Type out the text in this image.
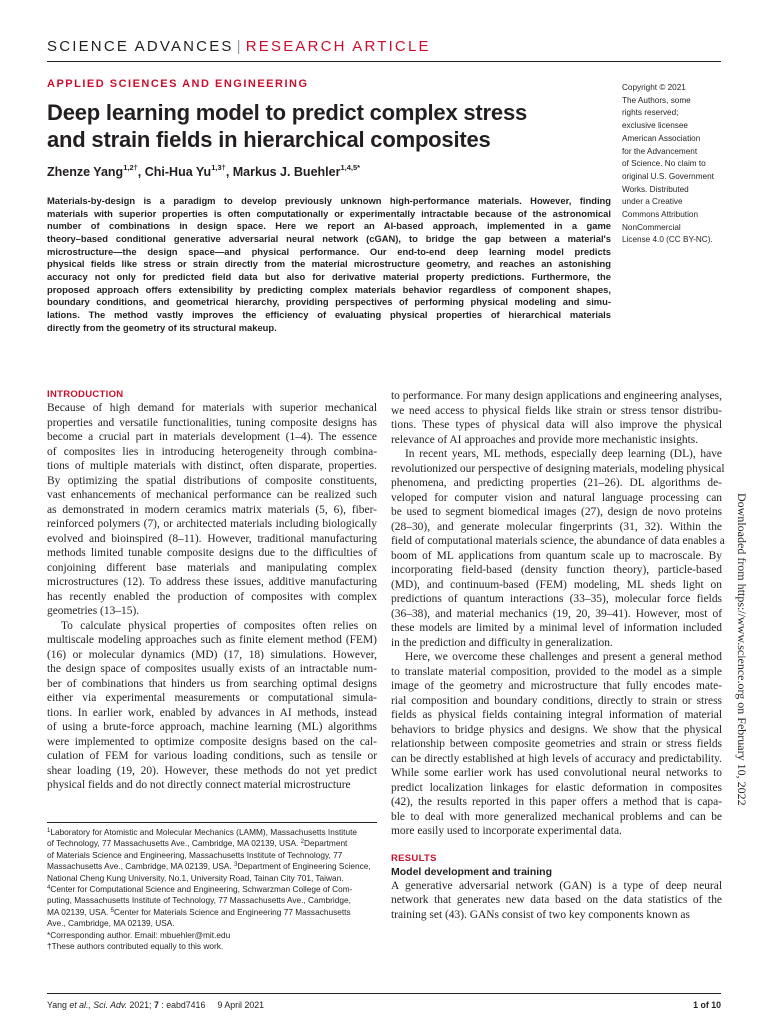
SCIENCE ADVANCES | RESEARCH ARTICLE
APPLIED SCIENCES AND ENGINEERING
Deep learning model to predict complex stress
and strain fields in hierarchical composites
Zhenze Yang$^{1,2\dagger}$, Chi-Hua $Yu^{1,3\dagger}$, Markus J. Buehler$^{1,4,5*}$
Copyright © 2021
The Authors, some
rights reserved;
exclusive licensee
American Association
for the Advancement
of Science. No claim to
original U.S. Government
Works. Distributed
under a Creative
Commons Attribution
NonCommercial
License 4.0 (CC BY-NC).
Materials-by-design is a paradigm to develop previously unknown high-performance materials. However, finding
materials with superior properties is often computationally or experimentally intractable because of the astronomical
number of combinations in design space. Here we report an AI-based approach, implemented in a game
theory–based conditional generative adversarial neural network (cGAN), to bridge the gap between a material's
microstructure—the design space—and physical performance. Our end-to-end deep learning model predicts
physical fields like stress or strain directly from the material microstructure geometry, and reaches an astonishing
accuracy not only for predicted field data but also for derivative material property predictions. Furthermore, the
proposed approach offers extensibility by predicting complex materials behavior regardless of component shapes,
boundary conditions, and geometrical hierarchy, providing perspectives of performing physical modeling and simu-
lations. The method vastly improves the efficiency of evaluating physical properties of hierarchical materials
directly from the geometry of its structural makeup.
INTRODUCTION
Because of high demand for materials with superior mechanical
properties and versatile functionalities, tuning composite designs has
become a crucial part in materials development (1–4). The essence
of composites lies in introducing heterogeneity through combina-
tions of multiple materials with distinct, often disparate, properties.
By optimizing the spatial distributions of composite constituents,
vast enhancements of mechanical performance can be realized such
as demonstrated in modern ceramics matrix materials (5, 6), fiber-
reinforced polymers (7), or architected materials including biologically
evolved and bioinspired (8–11). However, traditional manufacturing
methods limited tunable composite designs due to the difficulties of
conjoining different base materials and manipulating complex
microstructures (12). To address these issues, additive manufacturing
has recently enabled the production of composites with complex
geometries (13–15).
To calculate physical properties of composites often relies on
multiscale modeling approaches such as finite element method (FEM)
(16) or molecular dynamics (MD) (17, 18) simulations. However,
the design space of composites usually exists of an intractable num-
ber of combinations that hinders us from searching optimal designs
either via experimental measurements or computational simula-
tions. In earlier work, enabled by advances in AI methods, instead
of using a brute-force approach, machine learning (ML) algorithms
were implemented to optimize composite designs based on the cal-
culation of FEM for various loading conditions, such as tensile or
shear loading (19, 20). However, these methods do not yet predict
physical fields and do not directly connect material microstructure
to performance. For many design applications and engineering analyses,
we need access to physical fields like strain or stress tensor distribu-
tions. These types of physical data will also improve the physical
relevance of AI approaches and provide more mechanistic insights.
In recent years, ML methods, especially deep learning (DL), have
revolutionized our perspective of designing materials, modeling physical
phenomena, and predicting properties (21–26). DL algorithms de-
veloped for computer vision and natural language processing can
be used to segment biomedical images (27), design de novo proteins
(28–30), and generate molecular fingerprints (31, 32). Within the
field of computational materials science, the abundance of data enables a
boom of ML applications from quantum scale up to macroscale. By
incorporating field-based (density function theory), particle-based
(MD), and continuum-based (FEM) modeling, ML sheds light on
predictions of quantum interactions (33–35), molecular force fields
(36–38), and material mechanics (19, 20, 39–41). However, most of
these models are limited by a minimal level of information included
in the prediction and difficulty in generalization.
Here, we overcome these challenges and present a general method
to translate material composition, provided to the model as a simple
image of the geometry and microstructure that fully encodes mate-
rial composition and boundary conditions, directly to strain or stress
fields as physical fields containing integral information of material
behaviors to bridge physics and designs. We show that the physical
relationship between composite geometries and strain or stress fields
can be directly established at high levels of accuracy and predictability.
While some earlier work has used convolutional neural networks to
predict localization linkages for elastic deformation in composites
(42), the results reported in this paper offers a method that is capa-
ble to deal with more generalized mechanical problems and can be
more easily used to incorporate experimental data.
RESULTS
Model development and training
A generative adversarial network (GAN) is a type of deep neural
network that generates new data based on the data statistics of the
training set (43). GANs consist of two key components known as
$^1$Laboratory for Atomistic and Molecular Mechanics (LAMM), Massachusetts Institute
of Technology, 77 Massachusetts Ave., Cambridge, MA 02139, USA. $^2$Department
of Materials Science and Engineering, Massachusetts Institute of Technology, 77
Massachusetts Ave., Cambridge, MA 02139, USA. $^3$Department of Engineering Science,
National Cheng Kung University, No.1, University Road, Tainan City 701, Taiwan.
$^4$Center for Computational Science and Engineering, Schwarzman College of Com-
puting, Massachusetts Institute of Technology, 77 Massachusetts Ave., Cambridge,
MA 02139, USA. $^5$Center for Materials Science and Engineering 77 Massachusetts
Ave., Cambridge, MA 02139, USA.
*Corresponding author. Email: mbuehler@mit.edu
†These authors contributed equally to this work.
Yang et al., Sci. Adv. 2021; 7 : eabd7416     9 April 2021	1 of 10
Downloaded from https://www.science.org on February 10, 2022
